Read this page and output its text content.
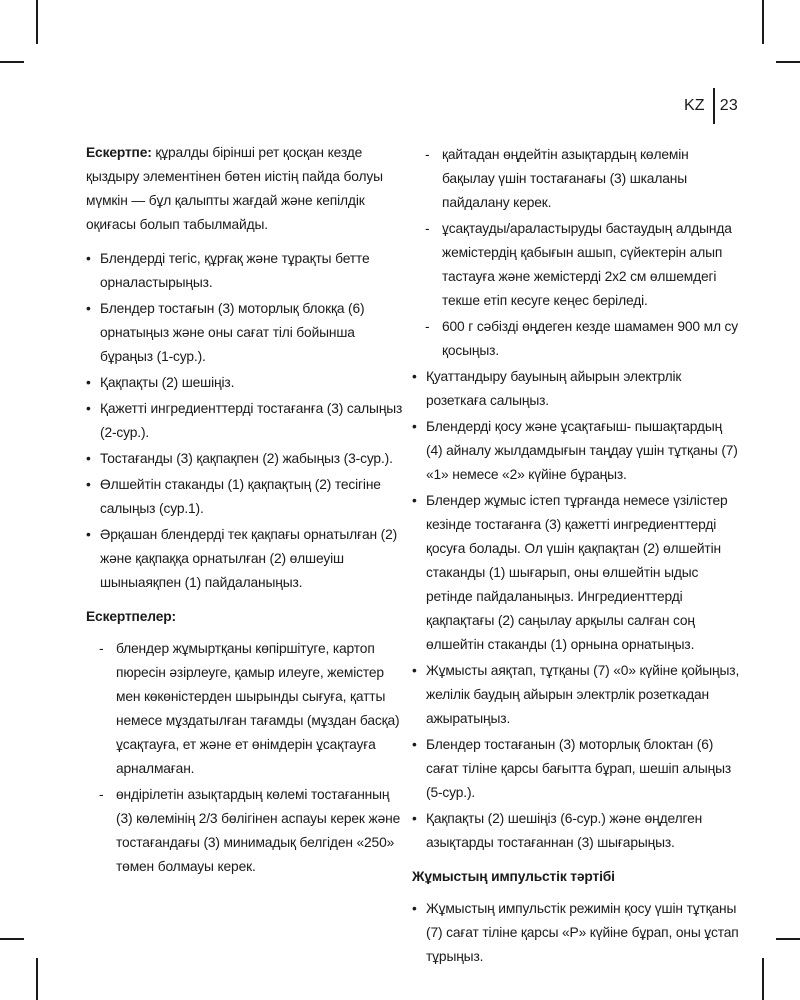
KZ 23

Ескертпе: құралды бірінші рет қосқан кезде қыздыру элементінен бөтен иістің пайда болуы мүмкін — бұл қалыпты жағдай және кепілдік оқиғасы болып табылмайды.

• Блендерді тегіс, құрғақ және тұрақты бетте орналастырыңыз.
• Блендер тостағын (3) моторлық блокқа (6) орнатыңыз және оны сағат тілі бойынша бұраңыз (1-сур.).
• Қақпақты (2) шешіңіз.
• Қажетті ингредиенттерді тостағанға (3) салыңыз (2-сур.).
• Тостағанды (3) қақпақпен (2) жабыңыз (3-сур.).
• Өлшейтін стаканды (1) қақпақтың (2) тесігіне салыңыз (сур.1).
• Әрқашан блендерді тек қақпағы орнатылған (2) және қақпаққа орнатылған (2) өлшеуіш шыныаяқпен (1) пайдаланыңыз.

Ескертпелер:

- блендер жұмыртқаны көпіршітуге, картоп пюресін әзірлеуге, қамыр илеуге, жемістер мен көкөністерден шырынды сығуға, қатты немесе мұздатылған тағамды (мұздан басқа) ұсақтауға, ет және ет өнімдерін ұсақтауға арналмаған.
- өндірілетін азықтардың көлемі тостағанның (3) көлемінің 2/3 бөлігінен аспауы керек және тостағандағы (3) минимадық белгіден «250» төмен болмауы керек.
- қайтадан өңдейтін азықтардың көлемін бақылау үшін тостағанағы (3) шкаланы пайдалану керек.
- ұсақтауды/араластыруды бастаудың алдында жемістердің қабығын ашып, сүйектерін алып тастауға және жемістерді 2х2 см өлшемдегі текше етіп кесуге кеңес беріледі.
- 600 г сәбізді өңдеген кезде шамамен 900 мл су қосыңыз.
• Қуаттандыру бауының айырын электрлік розеткаға салыңыз.
• Блендерді қосу және ұсақтағыш- пышақтардың (4) айналу жылдамдығын таңдау үшін тұтқаны (7) «1» немесе «2» күйіне бұраңыз.
• Блендер жұмыс істеп тұрғанда немесе үзілістер кезінде тостағанға (3) қажетті ингредиенттерді қосуға болады. Ол үшін қақпақтан (2) өлшейтін стаканды (1) шығарып, оны өлшейтін ыдыс ретінде пайдаланыңыз. Ингредиенттерді қақпақтағы (2) саңылау арқылы салған соң өлшейтін стаканды (1) орнына орнатыңыз.
• Жұмысты аяқтап, тұтқаны (7) «0» күйіне қойыңыз, желілік баудың айырын электрлік розеткадан ажыратыңыз.
• Блендер тостағанын (3) моторлық блоктан (6) сағат тіліне қарсы бағытта бұрап, шешіп алыңыз (5-сур.).
• Қақпақты (2) шешіңіз (6-сур.) және өңделген азықтарды тостағаннан (3) шығарыңыз.

Жұмыстың импульстік тәртібі

• Жұмыстың импульстік режимін қосу үшін тұтқаны (7) сағат тіліне қарсы «P» күйіне бұрап, оны ұстап тұрыңыз.
